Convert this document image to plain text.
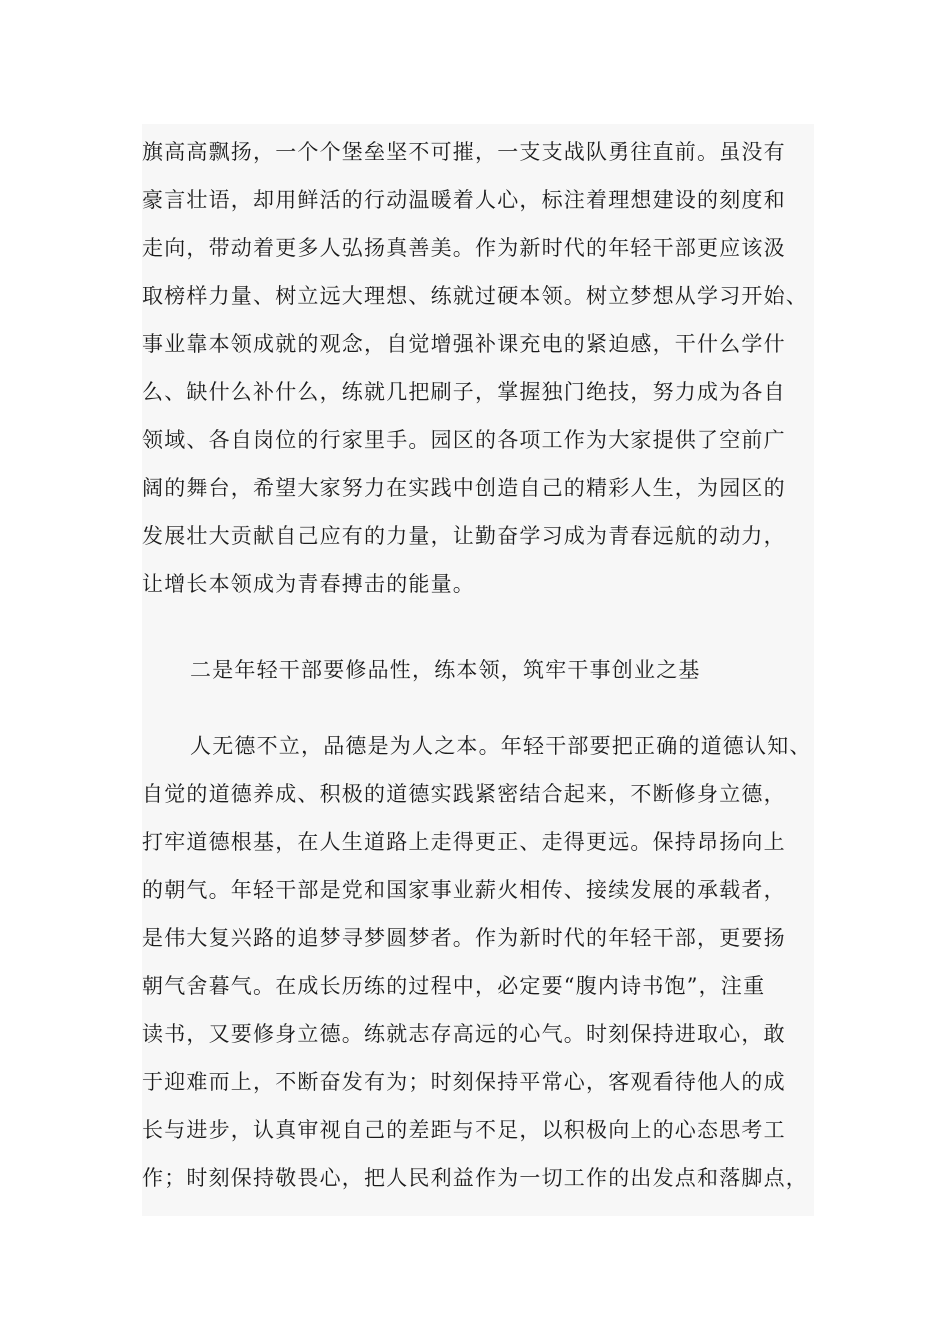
旗高高飘扬，一个个堡垒坚不可摧，一支支战队勇往直前。虽没有
豪言壮语，却用鲜活的行动温暖着人心，标注着理想建设的刻度和
走向，带动着更多人弘扬真善美。作为新时代的年轻干部更应该汲
取榜样力量、树立远大理想、练就过硬本领。树立梦想从学习开始、
事业靠本领成就的观念，自觉增强补课充电的紧迫感，干什么学什
么、缺什么补什么，练就几把刷子，掌握独门绝技，努力成为各自
领域、各自岗位的行家里手。园区的各项工作为大家提供了空前广
阔的舞台，希望大家努力在实践中创造自己的精彩人生，为园区的
发展壮大贡献自己应有的力量，让勤奋学习成为青春远航的动力，
让增长本领成为青春搏击的能量。
二是年轻干部要修品性，练本领，筑牢干事创业之基
人无德不立，品德是为人之本。年轻干部要把正确的道德认知、
自觉的道德养成、积极的道德实践紧密结合起来，不断修身立德，
打牢道德根基，在人生道路上走得更正、走得更远。保持昂扬向上
的朝气。年轻干部是党和国家事业薪火相传、接续发展的承载者，
是伟大复兴路的追梦寻梦圆梦者。作为新时代的年轻干部，更要扬
朝气舍暮气。在成长历练的过程中，必定要“腹内诗书饱”，注重
读书，又要修身立德。练就志存高远的心气。时刻保持进取心，敢
于迎难而上，不断奋发有为；时刻保持平常心，客观看待他人的成
长与进步，认真审视自己的差距与不足，以积极向上的心态思考工
作；时刻保持敬畏心，把人民利益作为一切工作的出发点和落脚点，
